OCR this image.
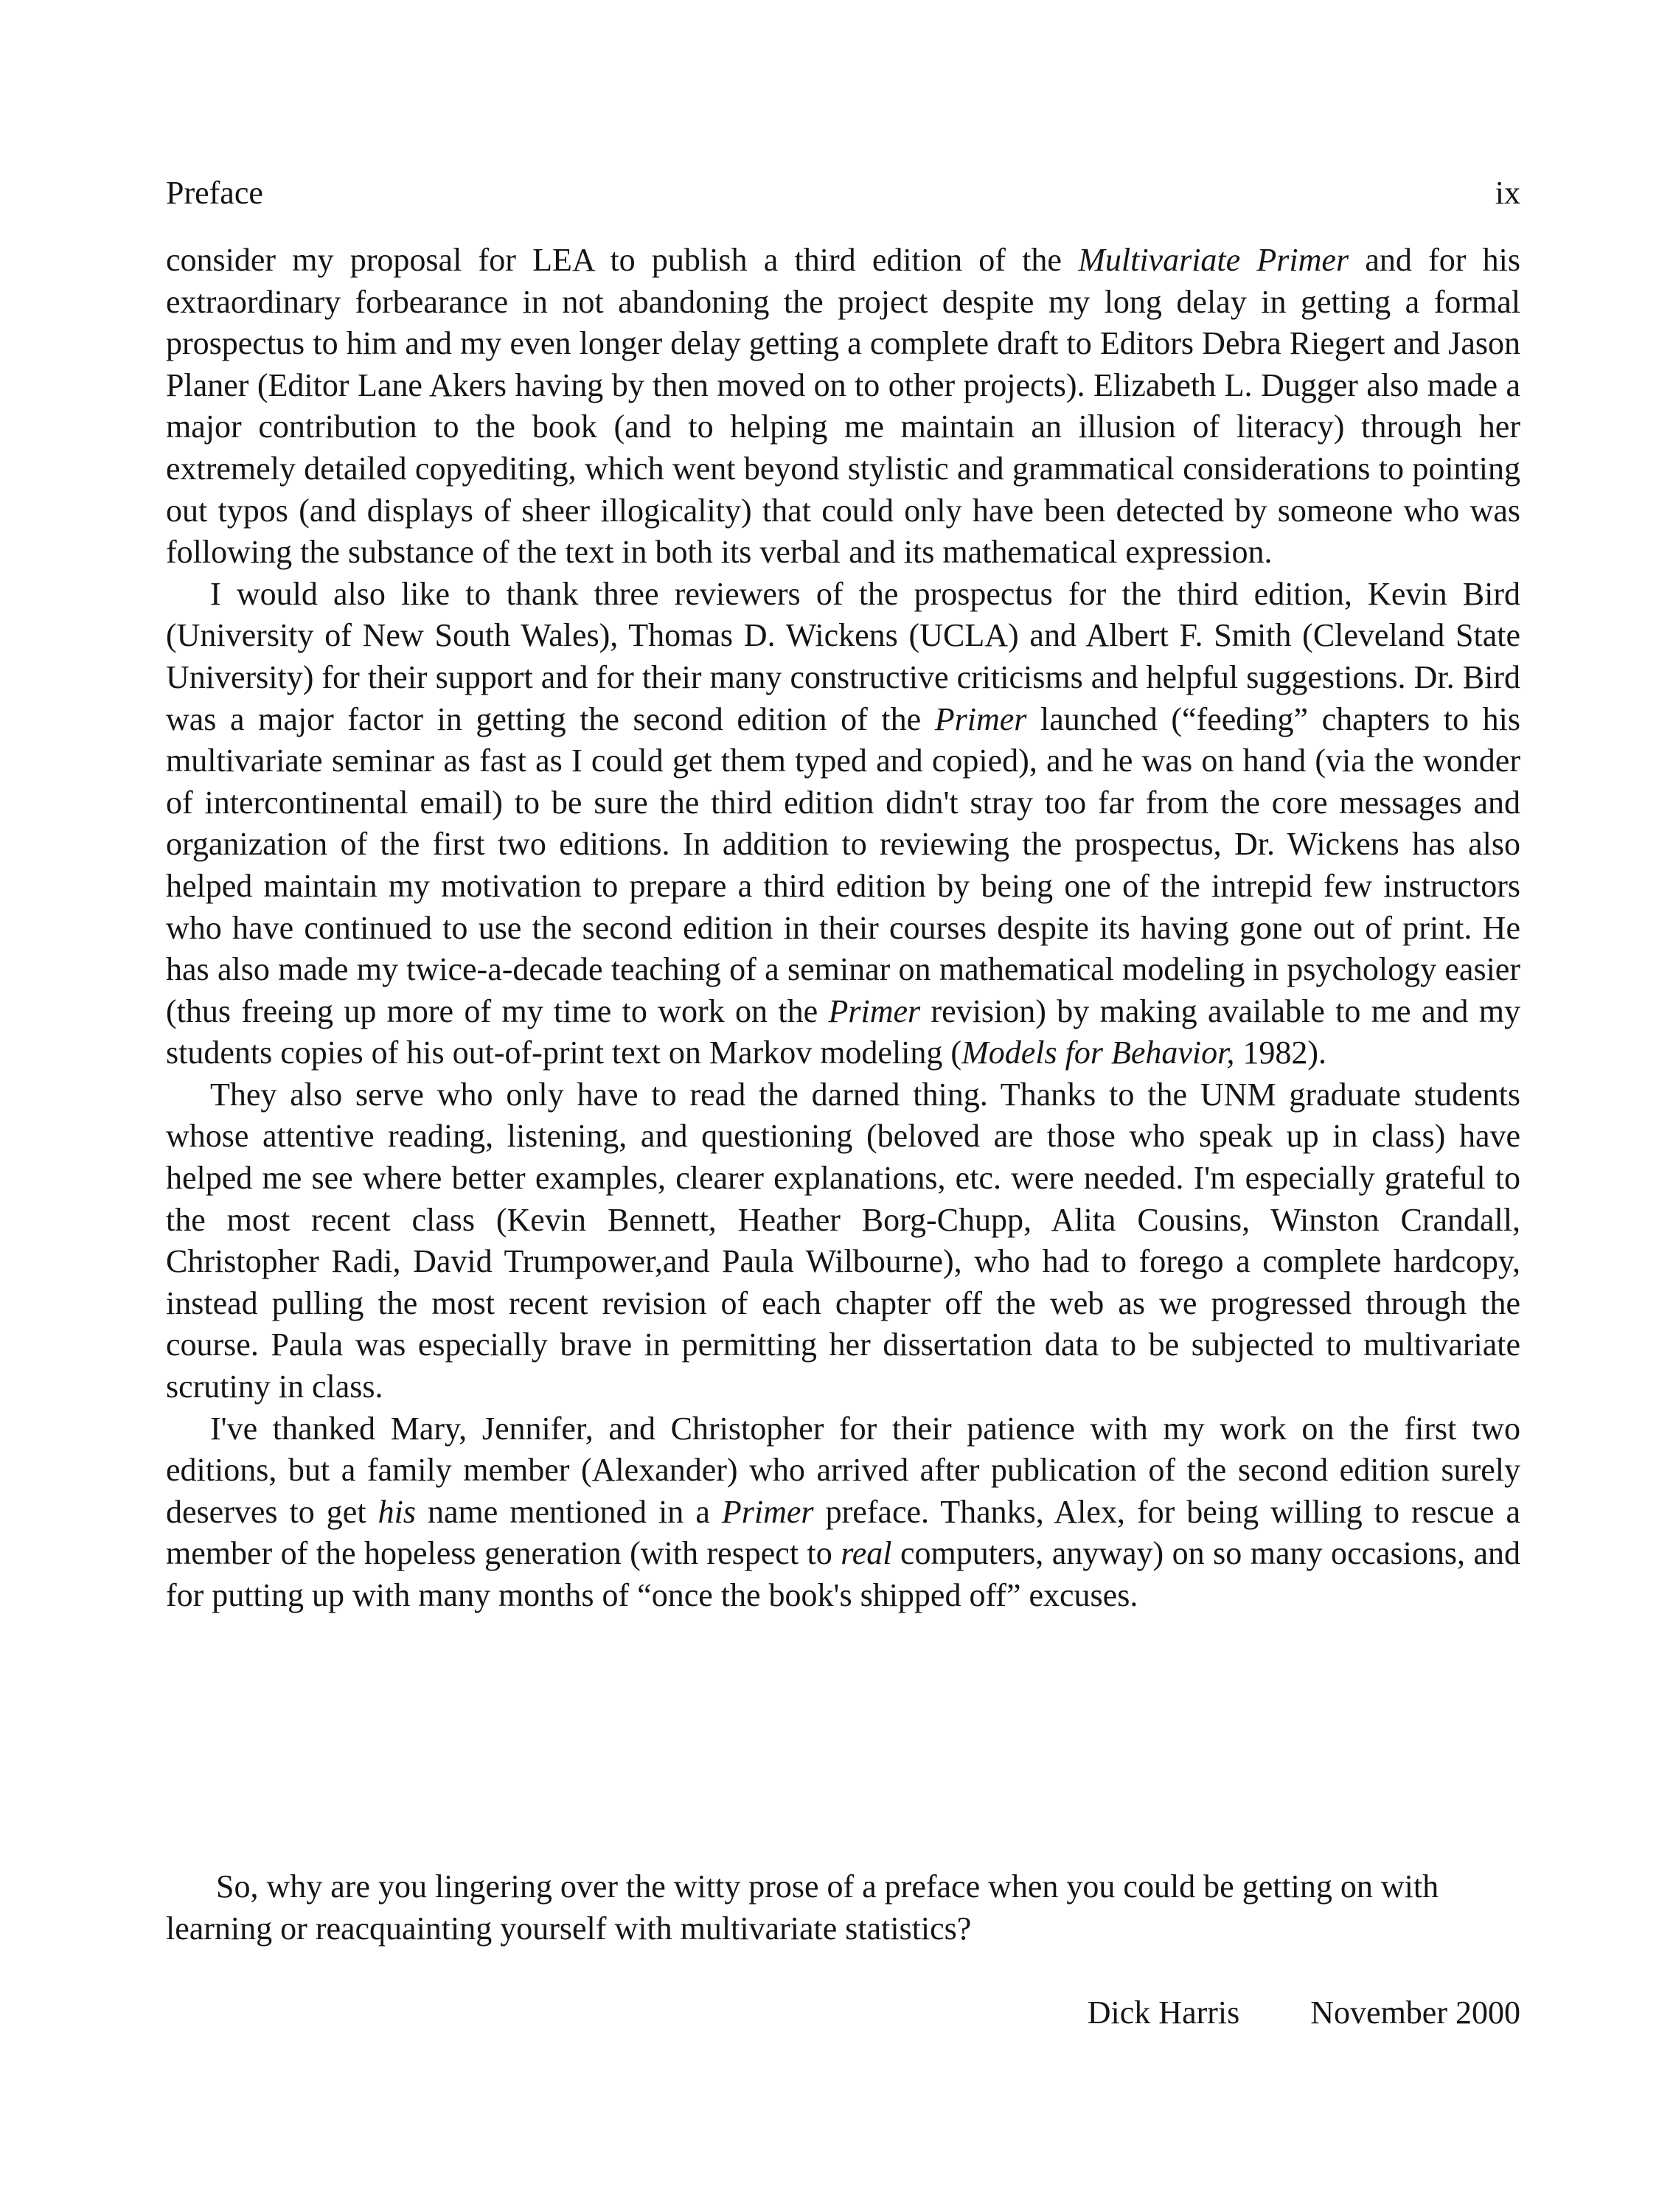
Preface	ix

consider my proposal for LEA to publish a third edition of the Multivariate Primer and for his extraordinary forbearance in not abandoning the project despite my long delay in getting a formal prospectus to him and my even longer delay getting a complete draft to Editors Debra Riegert and Jason Planer (Editor Lane Akers having by then moved on to other projects). Elizabeth L. Dugger also made a major contribution to the book (and to helping me maintain an illusion of literacy) through her extremely detailed copyediting, which went beyond stylistic and grammatical considerations to pointing out typos (and displays of sheer illogicality) that could only have been detected by someone who was following the substance of the text in both its verbal and its mathematical expression.

I would also like to thank three reviewers of the prospectus for the third edition, Kevin Bird (University of New South Wales), Thomas D. Wickens (UCLA) and Albert F. Smith (Cleveland State University) for their support and for their many constructive criticisms and helpful suggestions. Dr. Bird was a major factor in getting the second edition of the Primer launched (“feeding” chapters to his multivariate seminar as fast as I could get them typed and copied), and he was on hand (via the wonder of intercontinental email) to be sure the third edition didn't stray too far from the core messages and organization of the first two editions. In addition to reviewing the prospectus, Dr. Wickens has also helped maintain my motivation to prepare a third edition by being one of the intrepid few instructors who have continued to use the second edition in their courses despite its having gone out of print. He has also made my twice-a-decade teaching of a seminar on mathematical modeling in psychology easier (thus freeing up more of my time to work on the Primer revision) by making available to me and my students copies of his out-of-print text on Markov modeling (Models for Behavior, 1982).

They also serve who only have to read the darned thing. Thanks to the UNM graduate students whose attentive reading, listening, and questioning (beloved are those who speak up in class) have helped me see where better examples, clearer explanations, etc. were needed. I'm especially grateful to the most recent class (Kevin Bennett, Heather Borg-Chupp, Alita Cousins, Winston Crandall, Christopher Radi, David Trumpower,and Paula Wilbourne), who had to forego a complete hardcopy, instead pulling the most recent revision of each chapter off the web as we progressed through the course. Paula was especially brave in permitting her dissertation data to be subjected to multivariate scrutiny in class.

I've thanked Mary, Jennifer, and Christopher for their patience with my work on the first two editions, but a family member (Alexander) who arrived after publication of the second edition surely deserves to get his name mentioned in a Primer preface. Thanks, Alex, for being willing to rescue a member of the hopeless generation (with respect to real computers, anyway) on so many occasions, and for putting up with many months of “once the book's shipped off” excuses.

So, why are you lingering over the witty prose of a preface when you could be getting on with learning or reacquainting yourself with multivariate statistics?

Dick Harris November 2000
